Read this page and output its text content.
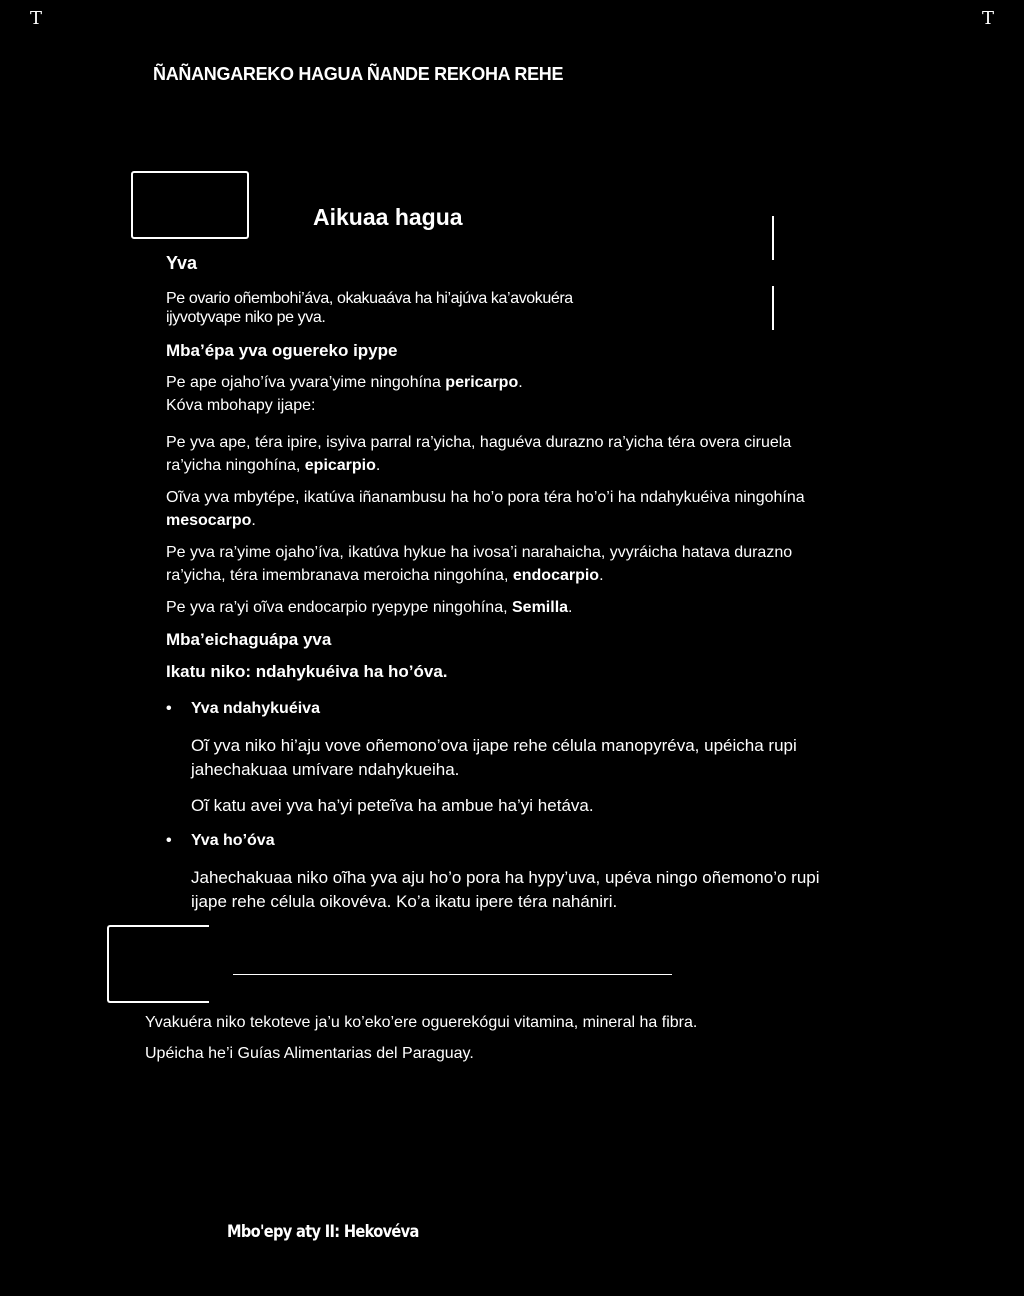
T	T
ÑAÑANGAREKO HAGUA ÑANDE REKOHA REHE
Aikuaa hagua

Yva

Pe ovario oñembohi’áva, okakuaáva ha hi’ajúva ka’avokuéra ijyvotyvape niko pe yva.

Mba’épa yva oguereko ipype

Pe ape ojaho’íva yvara’yime ningohína pericarpo.

Kóva mbohapy ijape:

Pe yva ape, téra ipire, isyiva parral ra’yicha, haguéva durazno ra’yicha téra overa ciruela ra’yicha ningohína, epicarpio.

Oĩva yva mbytépe, ikatúva iñanambusu ha ho’o pora téra ho’o’i ha ndahykuéiva ningohína mesocarpo.

Pe yva ra’yime ojaho’íva, ikatúva hykue ha ivosa’i narahaicha, yvyráicha hatava durazno ra’yicha, téra imembranava meroicha ningohína, endocarpio.

Pe yva ra’yi oĩva endocarpio ryepype ningohína, Semilla.

Mba’eichaguápa yva

Ikatu niko: ndahykuéiva ha ho’óva.

• Yva ndahykuéiva

Oĩ yva niko hi’aju vove oñemono’ova ijape rehe célula manopyréva, upéicha rupi jahechakuaa umívare ndahykueiha.

Oĩ katu avei yva ha’yi peteĩva ha ambue ha’yi hetáva.

• Yva ho’óva

Jahechakuaa niko oĩha yva aju ho’o pora ha hypy’uva, upéva ningo oñemono’o rupi ijape rehe célula oikovéva. Ko’a ikatu ipere téra nahániri.

Yvakuéra niko tekoteve ja’u ko’eko’ere oguerekógui vitamina, mineral ha fibra.

Upéicha he’i Guías Alimentarias del Paraguay.

Mbo'epy aty II: Hekovéva
